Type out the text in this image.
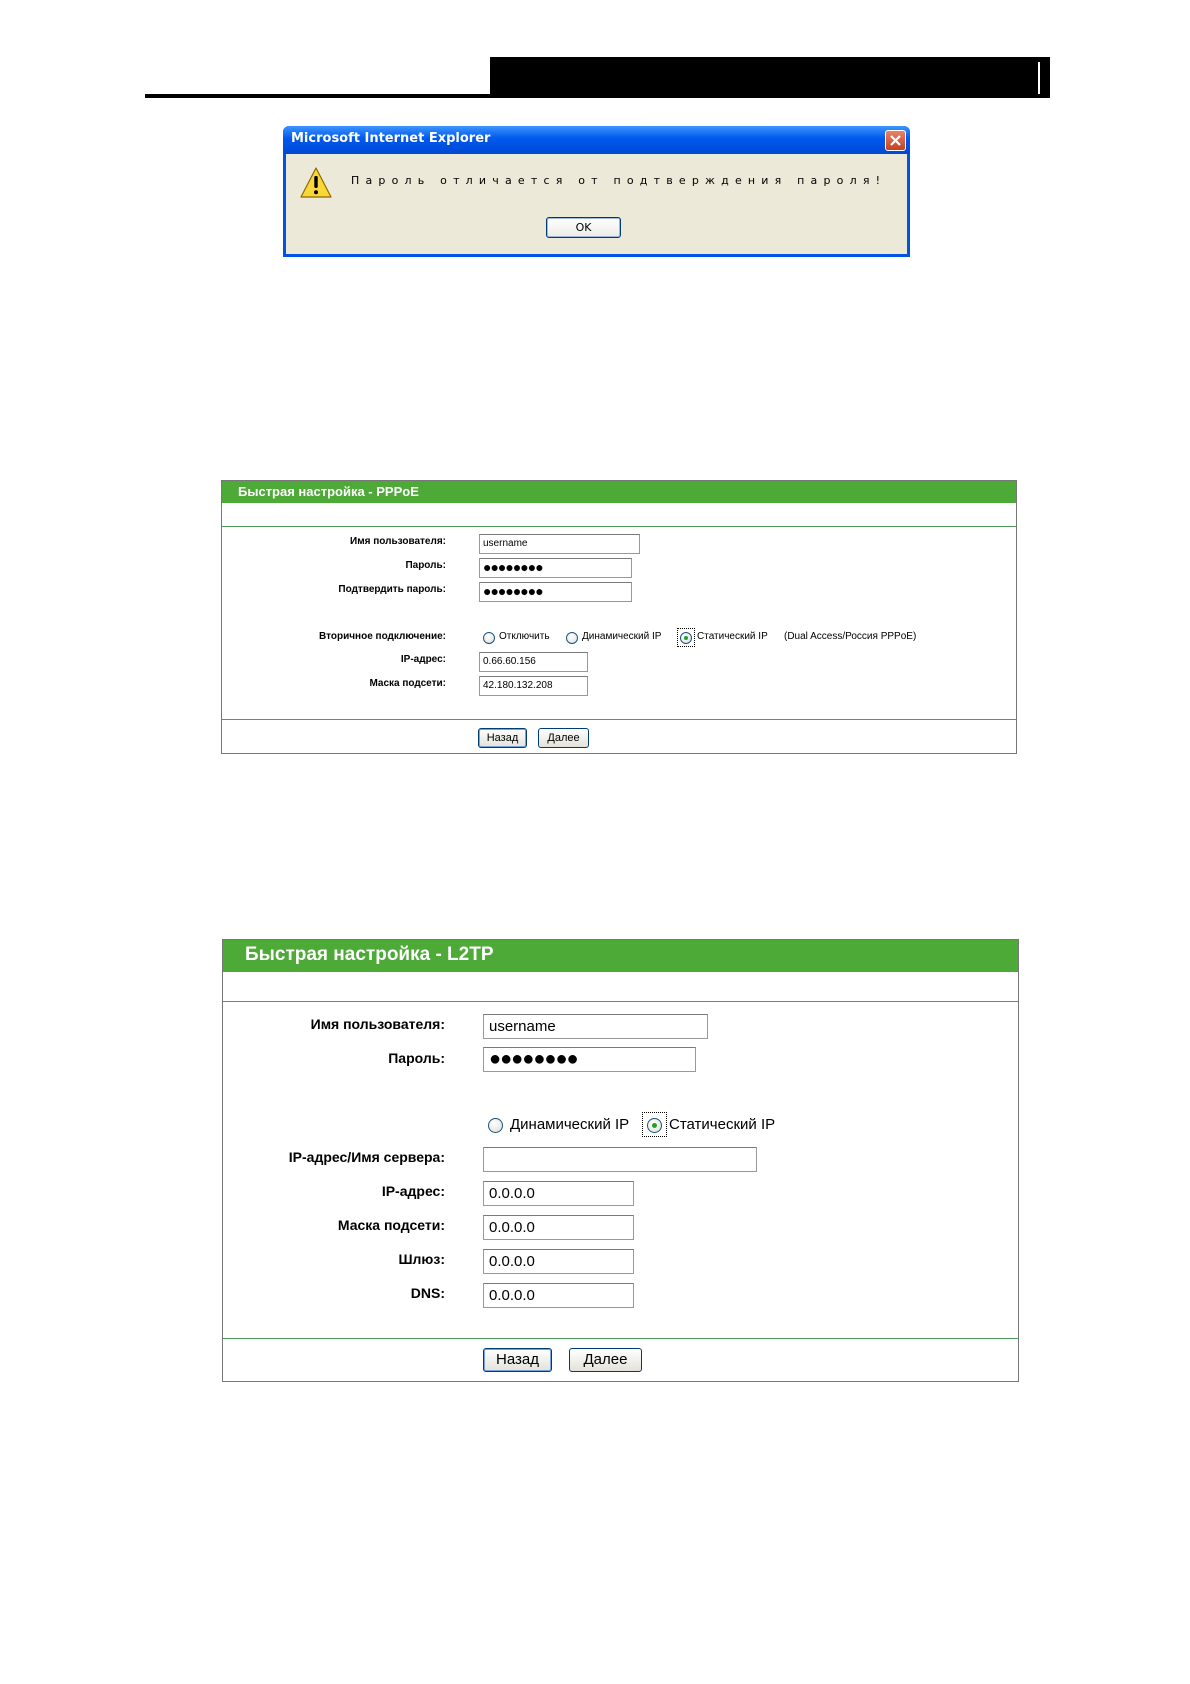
Microsoft Internet Explorer
Пароль отличается от подтверждения пароля!
OK
Быстрая настройка - PPPoE
Имя пользователя:	username
Пароль:	●●●●●●●●
Подтвердить пароль:	●●●●●●●●
Вторичное подключение:	Отключить	Динамический IP	Статический IP (Dual Access/Россия PPPoE)
IP-адрес:	0.66.60.156
Маска подсети:	42.180.132.208
Назад	Далее
Быстрая настройка - L2TP
Имя пользователя:	username
Пароль:	●●●●●●●●
Динамический IP	Статический IP
IP-адрес/Имя сервера:
IP-адрес:	0.0.0.0
Маска подсети:	0.0.0.0
Шлюз:	0.0.0.0
DNS:	0.0.0.0
Назад	Далее
